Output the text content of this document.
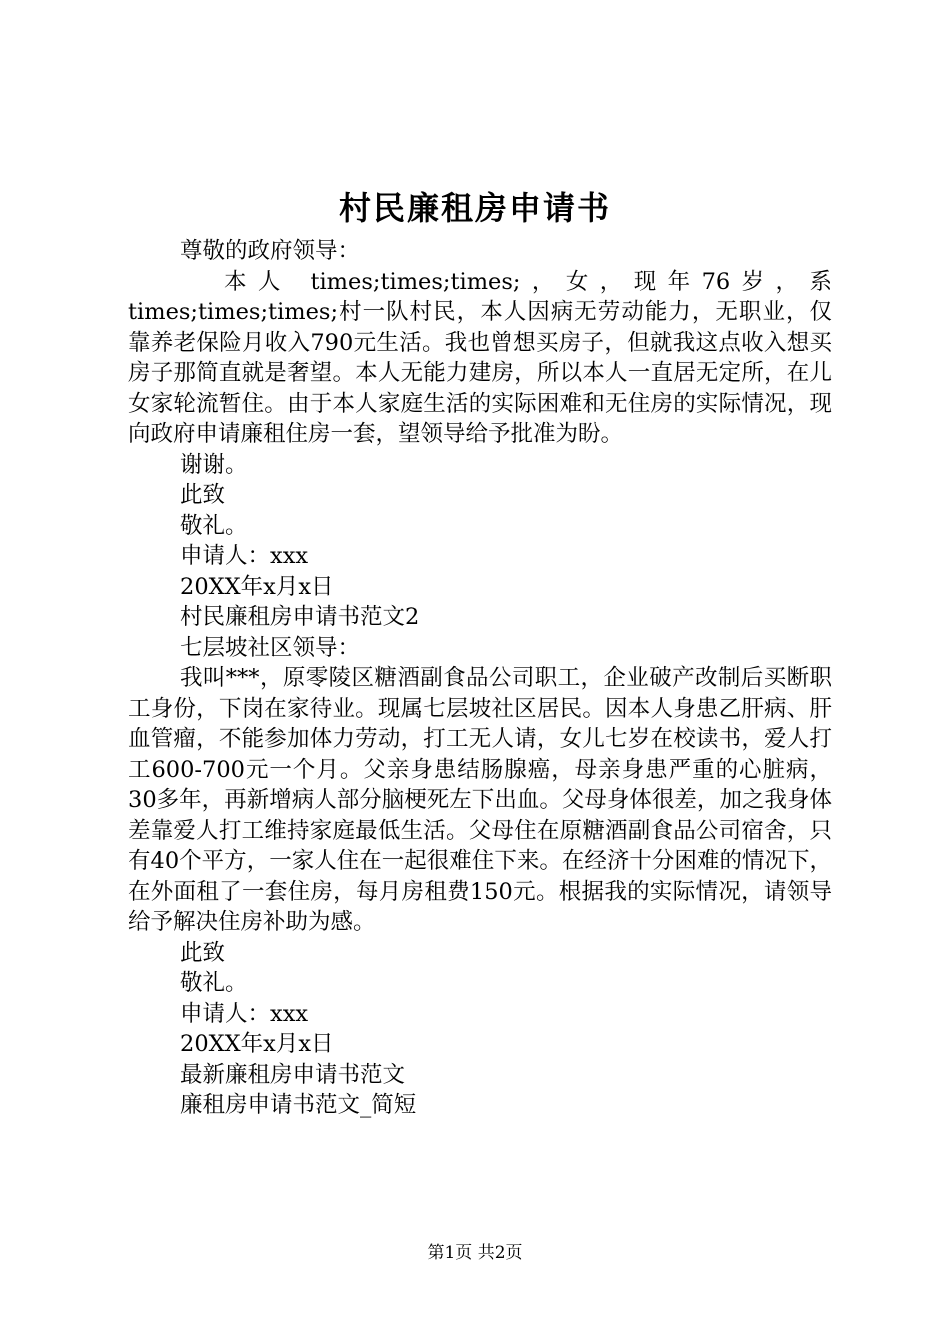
村民廉租房申请书
尊敬的政府领导：
本人 times;times;times;，女，现年76岁，系times;times;times;村一队村民，本人因病无劳动能力，无职业，仅靠养老保险月收入790元生活。我也曾想买房子，但就我这点收入想买房子那简直就是奢望。本人无能力建房，所以本人一直居无定所，在儿女家轮流暂住。由于本人家庭生活的实际困难和无住房的实际情况，现向政府申请廉租住房一套，望领导给予批准为盼。
谢谢。
此致
敬礼。
申请人：xxx
20XX年x月x日
村民廉租房申请书范文2
七层坡社区领导：
我叫***，原零陵区糖酒副食品公司职工，企业破产改制后买断职工身份，下岗在家待业。现属七层坡社区居民。因本人身患乙肝病、肝血管瘤，不能参加体力劳动，打工无人请，女儿七岁在校读书，爱人打工600-700元一个月。父亲身患结肠腺癌，母亲身患严重的心脏病，30多年，再新增病人部分脑梗死左下出血。父母身体很差，加之我身体差靠爱人打工维持家庭最低生活。父母住在原糖酒副食品公司宿舍，只有40个平方，一家人住在一起很难住下来。在经济十分困难的情况下，在外面租了一套住房，每月房租费150元。根据我的实际情况，请领导给予解决住房补助为感。
此致
敬礼。
申请人：xxx
20XX年x月x日
最新廉租房申请书范文
廉租房申请书范文_简短
第1页 共2页
